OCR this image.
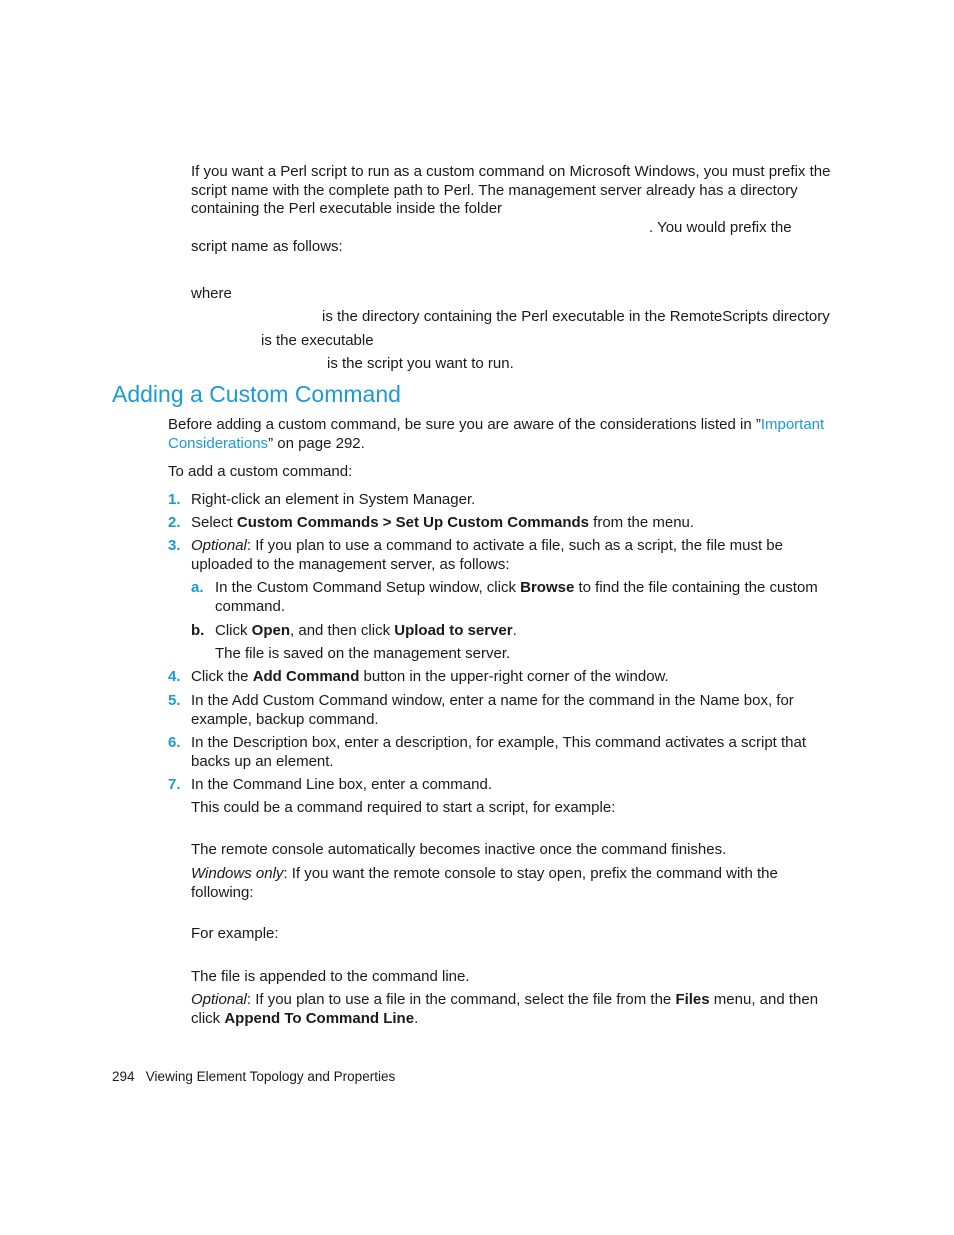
If you want a Perl script to run as a custom command on Microsoft Windows, you must prefix the
script name with the complete path to Perl. The management server already has a directory
containing the Perl executable inside the folder
. You would prefix the
script name as follows:
where
is the directory containing the Perl executable in the RemoteScripts directory
is the executable
is the script you want to run.
Adding a Custom Command
Before adding a custom command, be sure you are aware of the considerations listed in ”Important
Considerations” on page 292.
To add a custom command:
1. Right-click an element in System Manager.
2. Select Custom Commands > Set Up Custom Commands from the menu.
3. Optional: If you plan to use a command to activate a file, such as a script, the file must be
uploaded to the management server, as follows:
a. In the Custom Command Setup window, click Browse to find the file containing the custom
command.
b. Click Open, and then click Upload to server.
The file is saved on the management server.
4. Click the Add Command button in the upper-right corner of the window.
5. In the Add Custom Command window, enter a name for the command in the Name box, for
example, backup command.
6. In the Description box, enter a description, for example, This command activates a script that
backs up an element.
7. In the Command Line box, enter a command.
This could be a command required to start a script, for example:
The remote console automatically becomes inactive once the command finishes.
Windows only: If you want the remote console to stay open, prefix the command with the
following:
For example:
The file is appended to the command line.
Optional: If you plan to use a file in the command, select the file from the Files menu, and then
click Append To Command Line.
294 Viewing Element Topology and Properties
